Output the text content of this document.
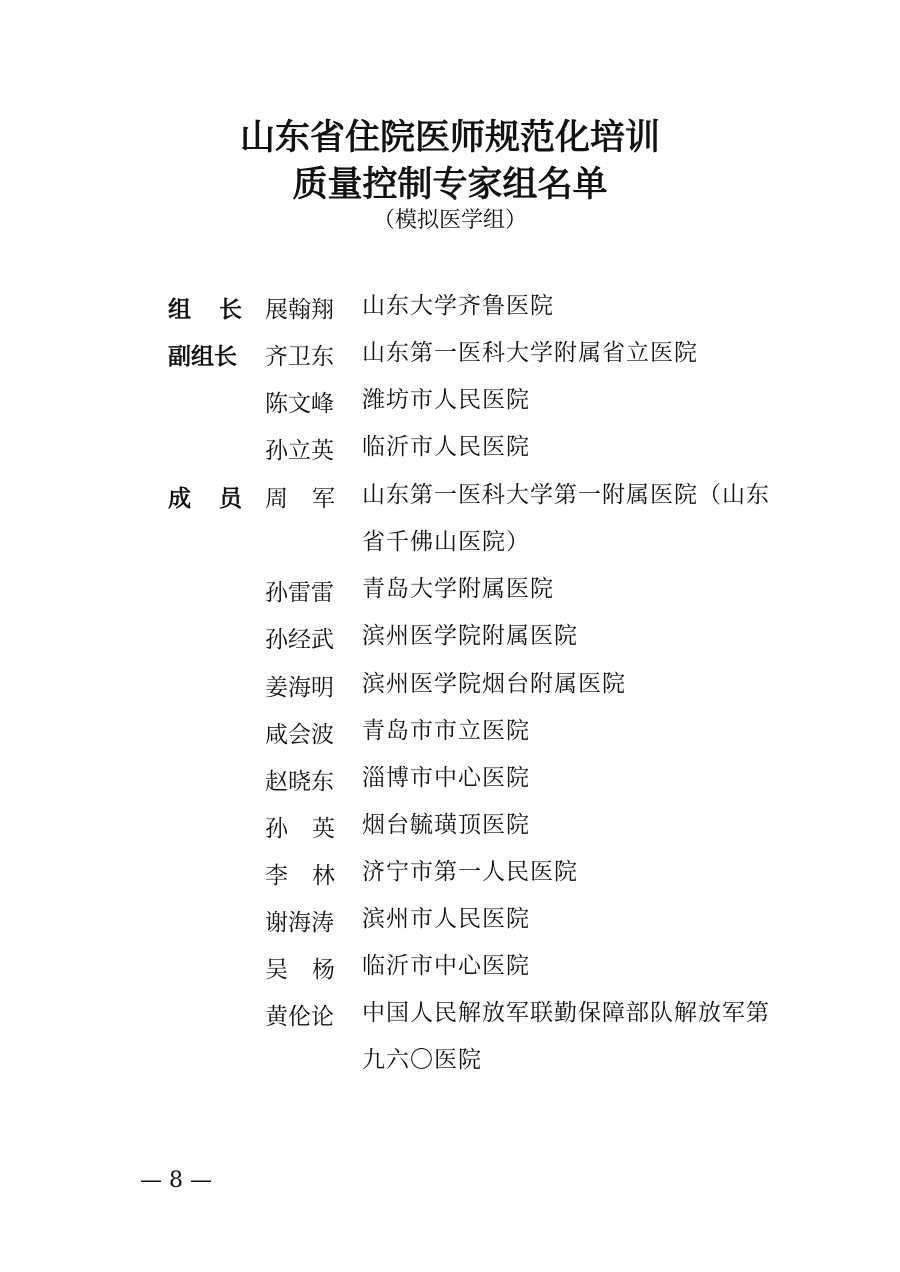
山东省住院医师规范化培训
质量控制专家组名单
（模拟医学组）
组 长 展翰翔 山东大学齐鲁医院
副组长 齐卫东 山东第一医科大学附属省立医院
陈文峰 潍坊市人民医院
孙立英 临沂市人民医院
成 员 周 军 山东第一医科大学第一附属医院（山东省千佛山医院）
孙雷雷 青岛大学附属医院
孙经武 滨州医学院附属医院
姜海明 滨州医学院烟台附属医院
咸会波 青岛市市立医院
赵晓东 淄博市中心医院
孙 英 烟台毓璜顶医院
李 林 济宁市第一人民医院
谢海涛 滨州市人民医院
吴 杨 临沂市中心医院
黄伦论 中国人民解放军联勤保障部队解放军第九六〇医院
— 8 —
